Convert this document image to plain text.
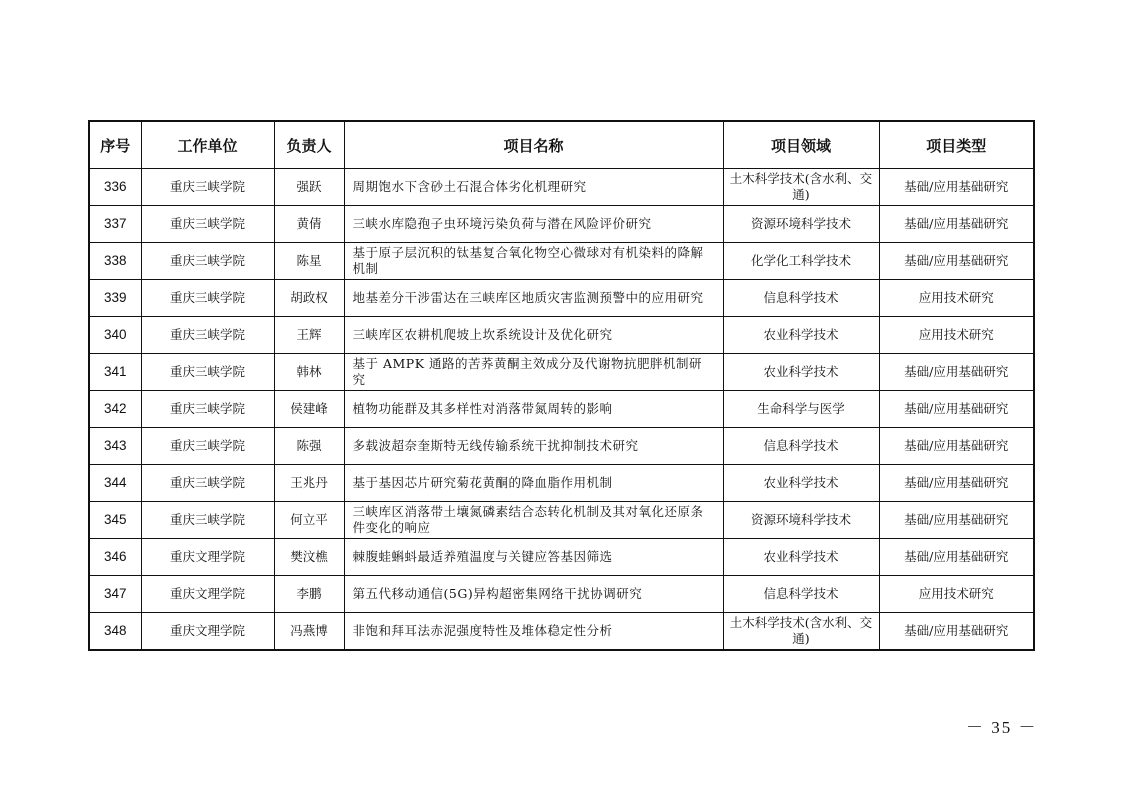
序号	工作单位	负责人	项目名称	项目领域	项目类型
336	重庆三峡学院	强跃	周期饱水下含砂土石混合体劣化机理研究	土木科学技术(含水利、交通)	基础/应用基础研究
337	重庆三峡学院	黄倩	三峡水库隐孢子虫环境污染负荷与潜在风险评价研究	资源环境科学技术	基础/应用基础研究
338	重庆三峡学院	陈星	基于原子层沉积的钛基复合氧化物空心微球对有机染料的降解机制	化学化工科学技术	基础/应用基础研究
339	重庆三峡学院	胡政权	地基差分干涉雷达在三峡库区地质灾害监测预警中的应用研究	信息科学技术	应用技术研究
340	重庆三峡学院	王辉	三峡库区农耕机爬坡上坎系统设计及优化研究	农业科学技术	应用技术研究
341	重庆三峡学院	韩林	基于 AMPK 通路的苦荞黄酮主效成分及代谢物抗肥胖机制研究	农业科学技术	基础/应用基础研究
342	重庆三峡学院	侯建峰	植物功能群及其多样性对消落带氮周转的影响	生命科学与医学	基础/应用基础研究
343	重庆三峡学院	陈强	多载波超奈奎斯特无线传输系统干扰抑制技术研究	信息科学技术	基础/应用基础研究
344	重庆三峡学院	王兆丹	基于基因芯片研究菊花黄酮的降血脂作用机制	农业科学技术	基础/应用基础研究
345	重庆三峡学院	何立平	三峡库区消落带土壤氮磷素结合态转化机制及其对氧化还原条件变化的响应	资源环境科学技术	基础/应用基础研究
346	重庆文理学院	樊汶樵	棘腹蛙蝌蚪最适养殖温度与关键应答基因筛选	农业科学技术	基础/应用基础研究
347	重庆文理学院	李鹏	第五代移动通信(5G)异构超密集网络干扰协调研究	信息科学技术	应用技术研究
348	重庆文理学院	冯燕博	非饱和拜耳法赤泥强度特性及堆体稳定性分析	土木科学技术(含水利、交通)	基础/应用基础研究
－ 35 －
